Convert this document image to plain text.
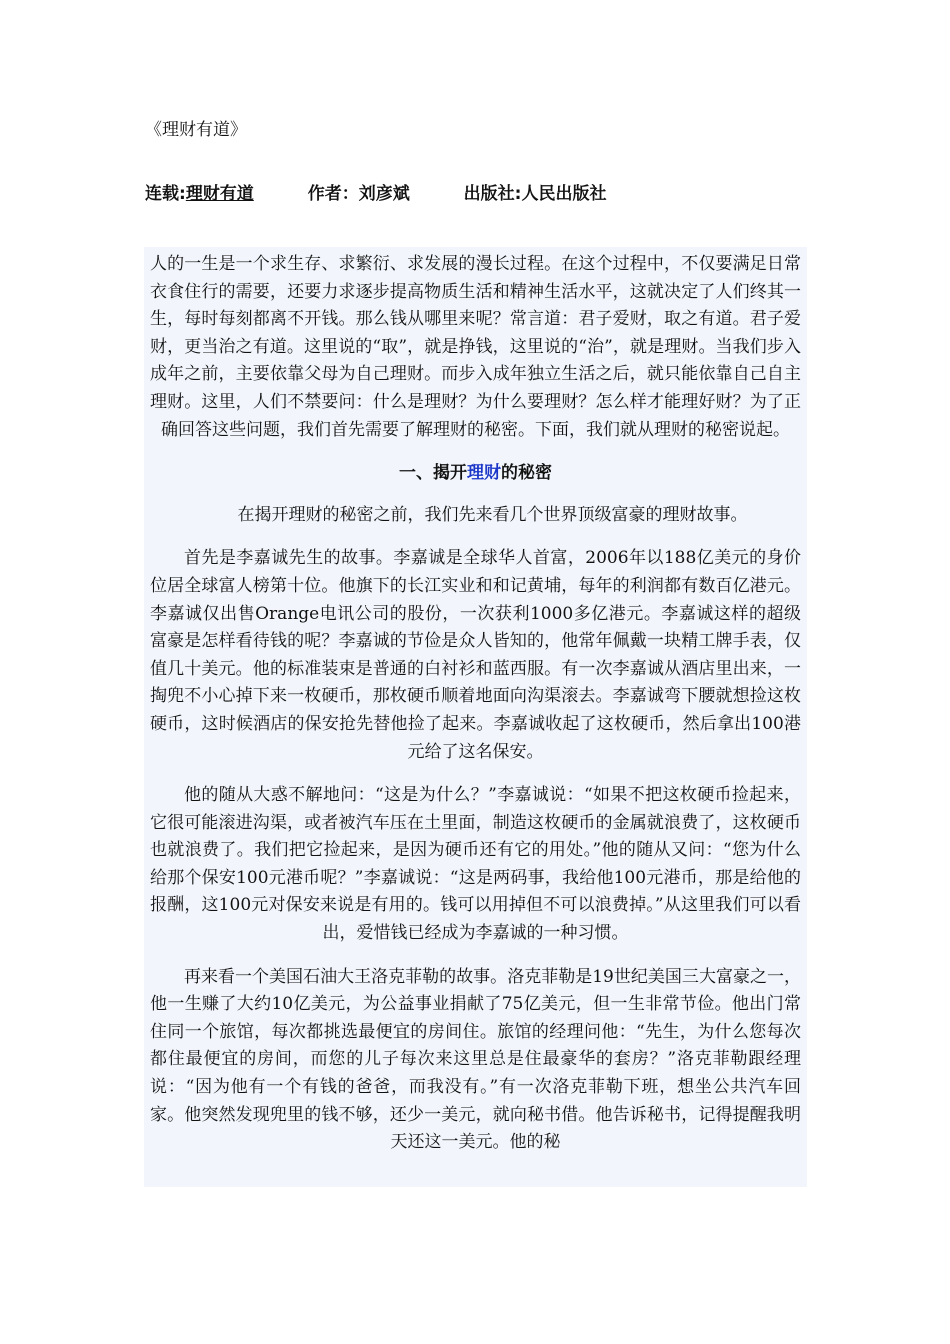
《理财有道》
连载:理财有道	作者：刘彦斌	出版社:人民出版社

人的一生是一个求生存、求繁衍、求发展的漫长过程。在这个过程中，不仅要满足日常衣食住行的需要，还要力求逐步提高物质生活和精神生活水平，这就决定了人们终其一生，每时每刻都离不开钱。那么钱从哪里来呢？常言道：君子爱财，取之有道。君子爱财，更当治之有道。这里说的“取”，就是挣钱，这里说的“治”，就是理财。当我们步入成年之前，主要依靠父母为自己理财。而步入成年独立生活之后，就只能依靠自己自主理财。这里，人们不禁要问：什么是理财？为什么要理财？怎么样才能理好财？为了正确回答这些问题，我们首先需要了解理财的秘密。下面，我们就从理财的秘密说起。

一、揭开理财的秘密

在揭开理财的秘密之前，我们先来看几个世界顶级富豪的理财故事。

首先是李嘉诚先生的故事。李嘉诚是全球华人首富，2006年以188亿美元的身价位居全球富人榜第十位。他旗下的长江实业和和记黄埔，每年的利润都有数百亿港元。李嘉诚仅出售Orange电讯公司的股份，一次获利1000多亿港元。李嘉诚这样的超级富豪是怎样看待钱的呢？李嘉诚的节俭是众人皆知的，他常年佩戴一块精工牌手表，仅值几十美元。他的标准装束是普通的白衬衫和蓝西服。有一次李嘉诚从酒店里出来，一掏兜不小心掉下来一枚硬币，那枚硬币顺着地面向沟渠滚去。李嘉诚弯下腰就想捡这枚硬币，这时候酒店的保安抢先替他捡了起来。李嘉诚收起了这枚硬币，然后拿出100港元给了这名保安。

他的随从大惑不解地问：“这是为什么？”李嘉诚说：“如果不把这枚硬币捡起来，它很可能滚进沟渠，或者被汽车压在土里面，制造这枚硬币的金属就浪费了，这枚硬币也就浪费了。我们把它捡起来，是因为硬币还有它的用处。”他的随从又问：“您为什么给那个保安100元港币呢？”李嘉诚说：“这是两码事，我给他100元港币，那是给他的报酬，这100元对保安来说是有用的。钱可以用掉但不可以浪费掉。”从这里我们可以看出，爱惜钱已经成为李嘉诚的一种习惯。

再来看一个美国石油大王洛克菲勒的故事。洛克菲勒是19世纪美国三大富豪之一，他一生赚了大约10亿美元，为公益事业捐献了75亿美元，但一生非常节俭。他出门常住同一个旅馆，每次都挑选最便宜的房间住。旅馆的经理问他：“先生，为什么您每次都住最便宜的房间，而您的儿子每次来这里总是住最豪华的套房？”洛克菲勒跟经理说：“因为他有一个有钱的爸爸，而我没有。”有一次洛克菲勒下班，想坐公共汽车回家。他突然发现兜里的钱不够，还少一美元，就向秘书借。他告诉秘书，记得提醒我明天还这一美元。他的秘
